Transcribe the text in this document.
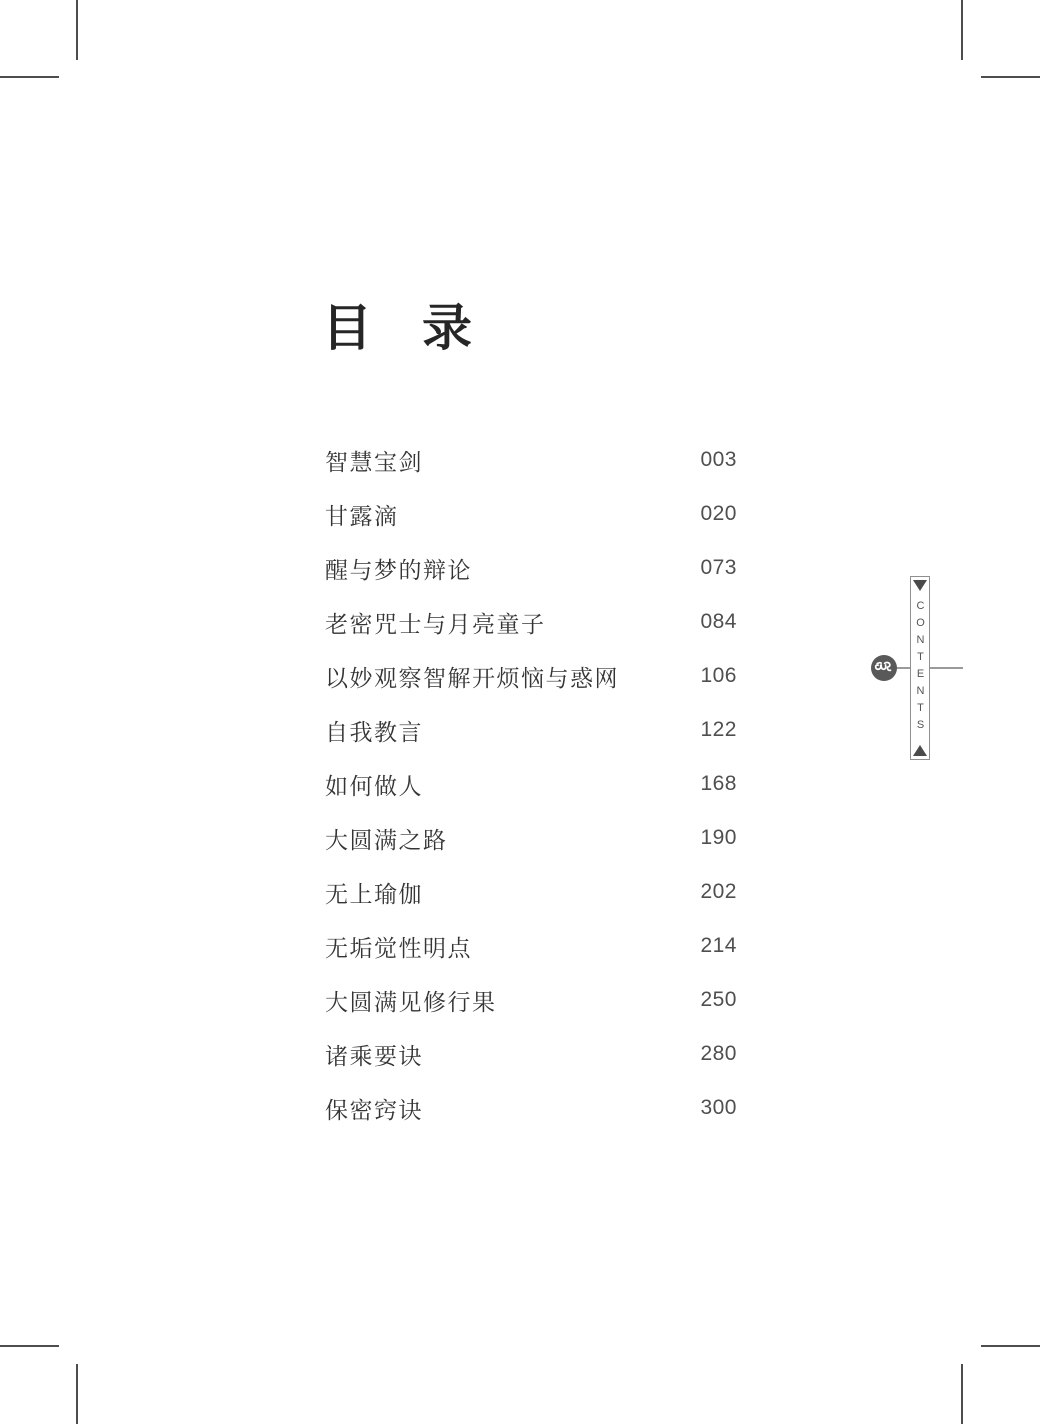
目　录
智慧宝剑	003
甘露滴	020
醒与梦的辩论	073
老密咒士与月亮童子	084
以妙观察智解开烦恼与惑网	106
自我教言	122
如何做人	168
大圆满之路	190
无上瑜伽	202
无垢觉性明点	214
大圆满见修行果	250
诸乘要诀	280
保密窍诀	300
CONTENTS
